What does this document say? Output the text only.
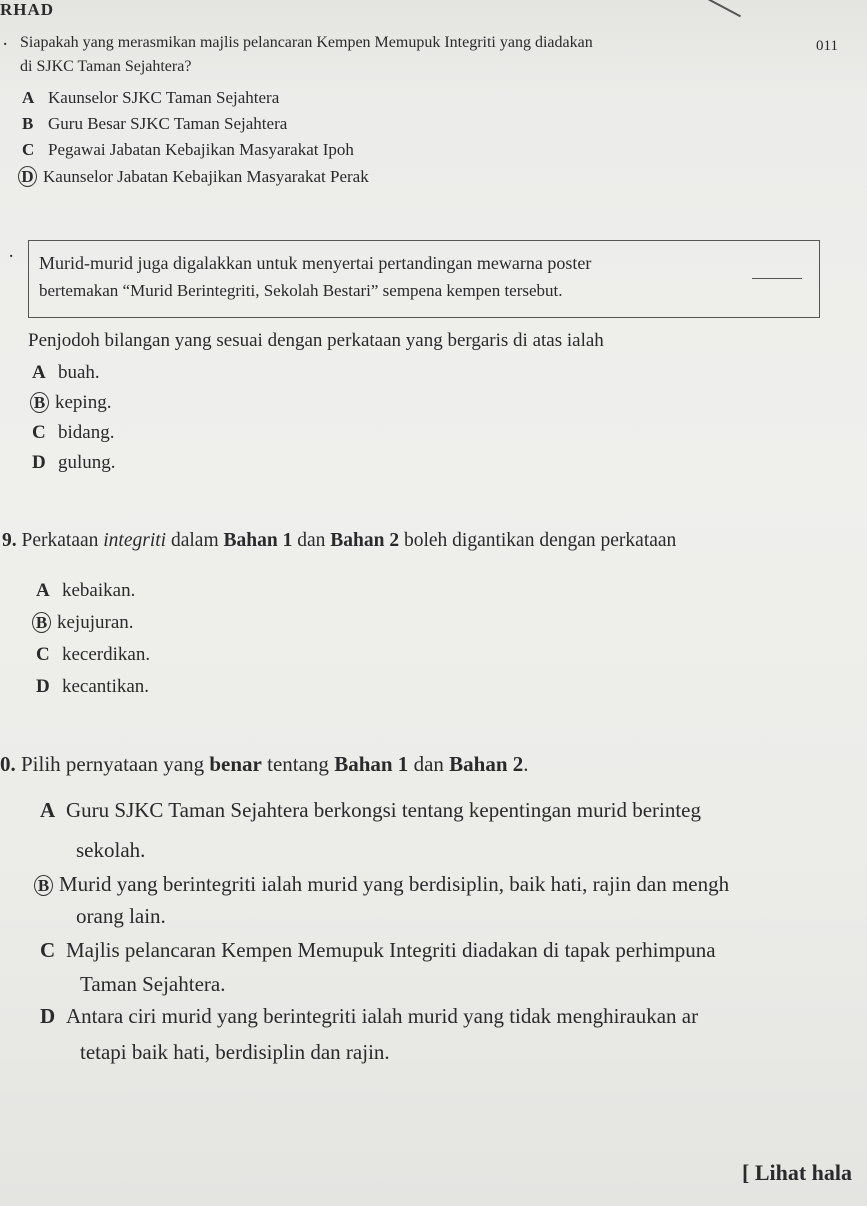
RHAD
011
· Siapakah yang merasmikan majlis pelancaran Kempen Memupuk Integriti yang diadakan
di SJKC Taman Sejahtera?
A Kaunselor SJKC Taman Sejahtera
B Guru Besar SJKC Taman Sejahtera
C Pegawai Jabatan Kebajikan Masyarakat Ipoh
D Kaunselor Jabatan Kebajikan Masyarakat Perak
· Murid-murid juga digalakkan untuk menyertai pertandingan mewarna poster
bertemakan “Murid Berintegriti, Sekolah Bestari” sempena kempen tersebut.
Penjodoh bilangan yang sesuai dengan perkataan yang bergaris di atas ialah
A buah.
B keping.
C bidang.
D gulung.
9. Perkataan integriti dalam Bahan 1 dan Bahan 2 boleh digantikan dengan perkataan
A kebaikan.
B kejujuran.
C kecerdikan.
D kecantikan.
0. Pilih pernyataan yang benar tentang Bahan 1 dan Bahan 2.
A Guru SJKC Taman Sejahtera berkongsi tentang kepentingan murid berinteg
sekolah.
B Murid yang berintegriti ialah murid yang berdisiplin, baik hati, rajin dan mengh
orang lain.
C Majlis pelancaran Kempen Memupuk Integriti diadakan di tapak perhimpuna
Taman Sejahtera.
D Antara ciri murid yang berintegriti ialah murid yang tidak menghiraukan ar
tetapi baik hati, berdisiplin dan rajin.
[ Lihat hala
